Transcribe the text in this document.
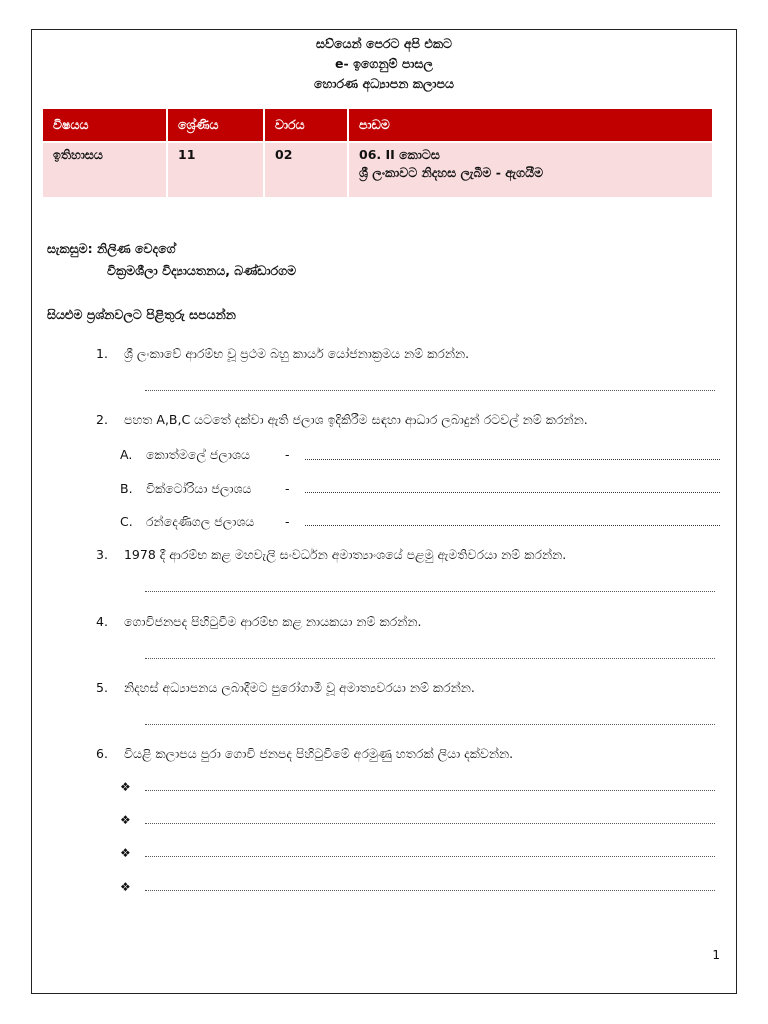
සව්යෙන් පෙරට අපි එකට
e- ඉගෙනුම් පාසල
හොරණ අධ්‍යාපන කලාපය
විෂයය	ශ්‍රේණිය	වාරය	පාඩම
ඉතිහාසය	11	02	06. II කොටස
ශ්‍රී ලංකාවට නිදහස ලැබීම - ඇගයීම
සැකසුම: නිලිණ වෙදගේ
වික්‍රමශීලා විද්‍යායතනය, බණ්ඩාරගම
සියළුම ප්‍රශ්නවලට පිළිතුරු සපයන්න
1. ශ්‍රී ලංකාවේ ආරම්භ වූ ප්‍රථම බහු කාර්ය යෝජනාක්‍රමය නම් කරන්න.
2. පහත A,B,C යටතේ දක්වා ඇති ජලාශ ඉදිකිරීම සඳහා ආධාර ලබාදුන් රටවල් නම් කරන්න.
A. කොත්මලේ ජලාශය	-
B. වික්ටෝරියා ජලාශය	-
C. රන්දෙණිගල ජලාශය -
3. 1978 දී ආරම්භ කළ මහවැලි සංවර්ධන අමාත්‍යාංශයේ පළමු ඇමතිවරයා නම් කරන්න.
4. ගොවිජනපද පිහිටුවීම ආරම්භ කළ නායකයා නම් කරන්න.
5. නිදහස් අධ්‍යාපනය ලබාදීමට පුරෝගාමී වූ අමාත්‍යවරයා නම් කරන්න.
6. වියළි කලාපය පුරා ගොවි ජනපද පිහිටුවීමේ අරමුණු හතරක් ලියා දක්වන්න.
❖
❖
❖
❖
1
